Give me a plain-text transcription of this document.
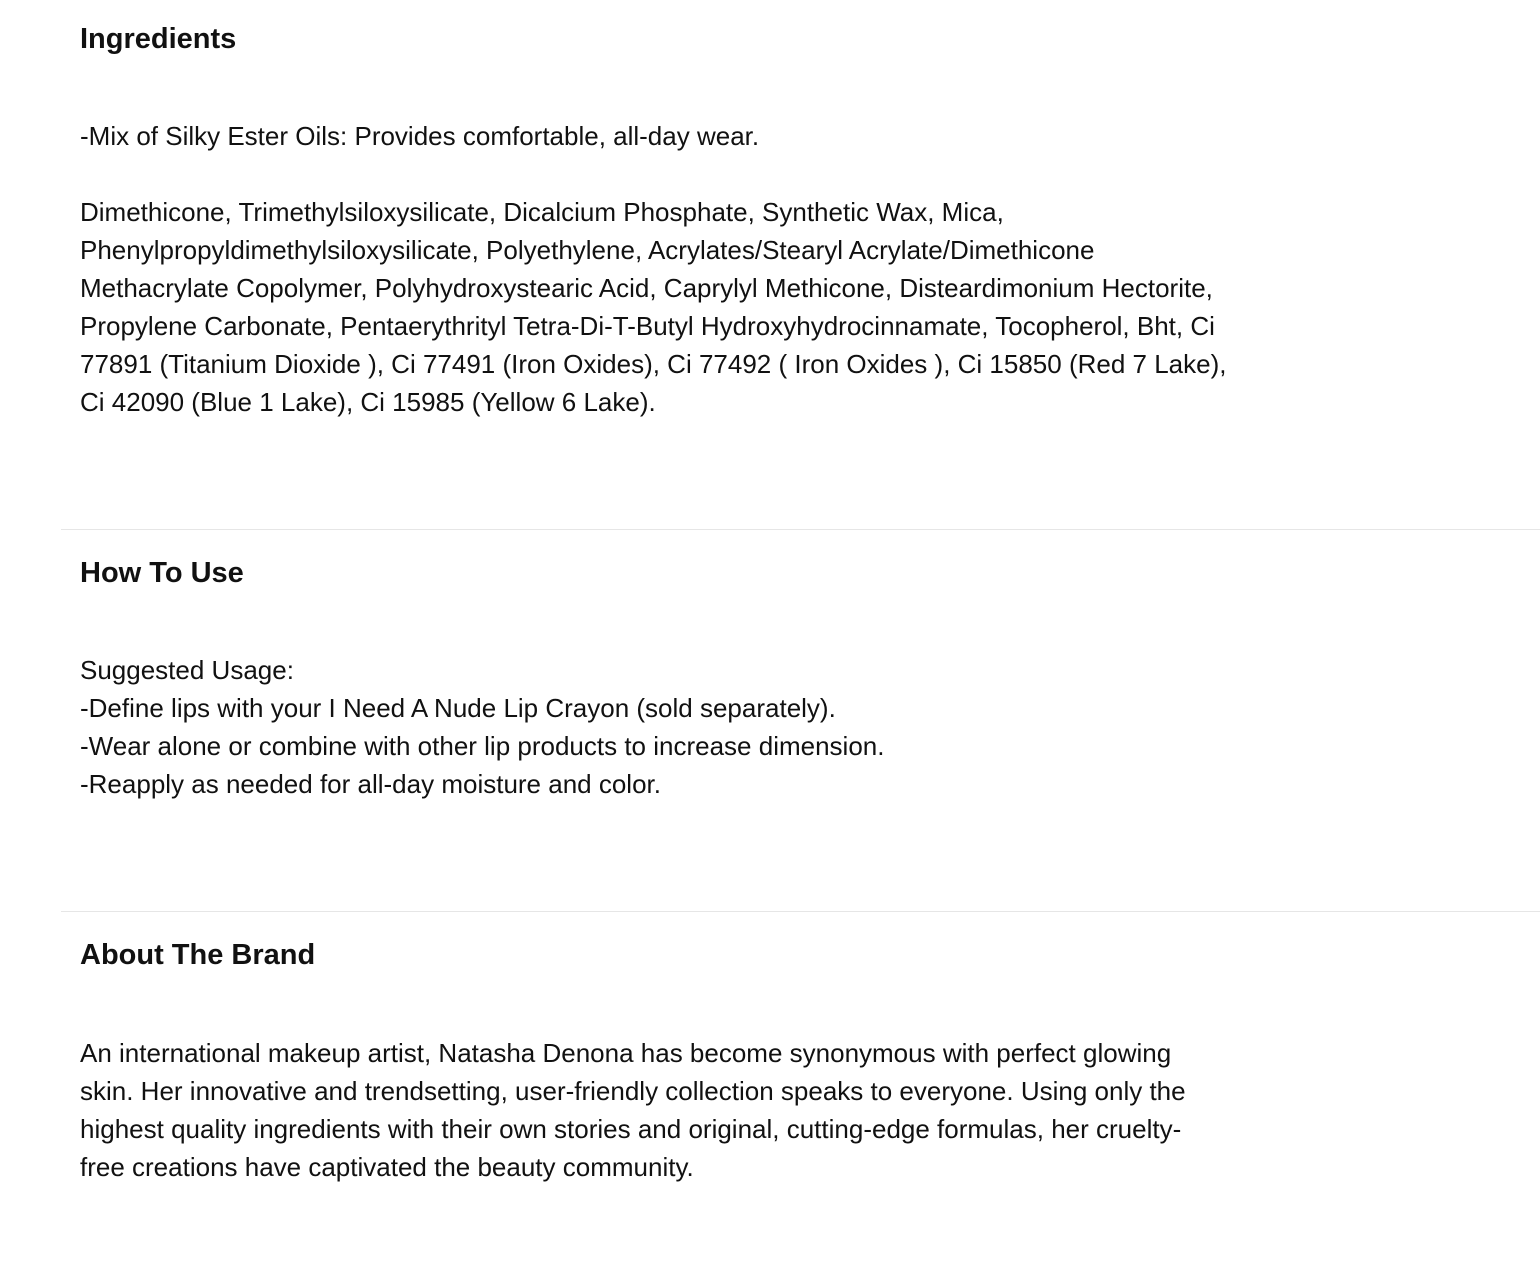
Ingredients

-Mix of Silky Ester Oils: Provides comfortable, all-day wear.

Dimethicone, Trimethylsiloxysilicate, Dicalcium Phosphate, Synthetic Wax, Mica,
Phenylpropyldimethylsiloxysilicate, Polyethylene, Acrylates/Stearyl Acrylate/Dimethicone
Methacrylate Copolymer, Polyhydroxystearic Acid, Caprylyl Methicone, Disteardimonium Hectorite,
Propylene Carbonate, Pentaerythrityl Tetra-Di-T-Butyl Hydroxyhydrocinnamate, Tocopherol, Bht, Ci
77891 (Titanium Dioxide ), Ci 77491 (Iron Oxides), Ci 77492 ( Iron Oxides ), Ci 15850 (Red 7 Lake),
Ci 42090 (Blue 1 Lake), Ci 15985 (Yellow 6 Lake).
How To Use
Suggested Usage:
-Define lips with your I Need A Nude Lip Crayon (sold separately).
-Wear alone or combine with other lip products to increase dimension.
-Reapply as needed for all-day moisture and color.
About The Brand
An international makeup artist, Natasha Denona has become synonymous with perfect glowing
skin. Her innovative and trendsetting, user-friendly collection speaks to everyone. Using only the
highest quality ingredients with their own stories and original, cutting-edge formulas, her cruelty-
free creations have captivated the beauty community.
